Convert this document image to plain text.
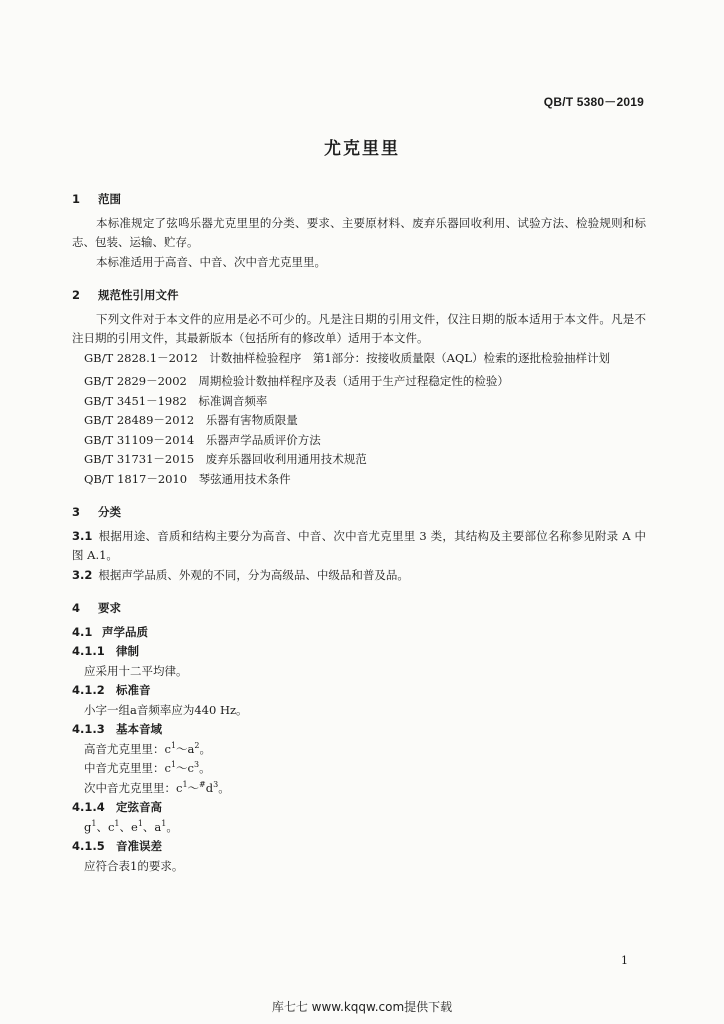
QB/T 5380－2019
尤克里里
1 范围

本标准规定了弦鸣乐器尤克里里的分类、要求、主要原材料、废弃乐器回收利用、试验方法、检验规则和标志、包装、运输、贮存。

本标准适用于高音、中音、次中音尤克里里。

2 规范性引用文件

下列文件对于本文件的应用是必不可少的。凡是注日期的引用文件，仅注日期的版本适用于本文件。凡是不注日期的引用文件，其最新版本（包括所有的修改单）适用于本文件。

GB/T 2828.1－2012　 计数抽样检验程序　第1部分：按接收质量限（AQL）检索的逐批检验抽样计划

GB/T 2829－2002　 周期检验计数抽样程序及表（适用于生产过程稳定性的检验）

GB/T 3451－1982　 标准调音频率

GB/T 28489－2012　 乐器有害物质限量

GB/T 31109－2014　 乐器声学品质评价方法

GB/T 31731－2015　 废弃乐器回收利用通用技术规范

QB/T 1817－2010　 琴弦通用技术条件

3 分类

3.1 根据用途、音质和结构主要分为高音、中音、次中音尤克里里 3 类，其结构及主要部位名称参见附录 A 中图 A.1。

3.2 根据声学品质、外观的不同，分为高级品、中级品和普及品。

4 要求
4.1 声学品质
4.1.1 律制

应采用十二平均律。

4.1.2 标准音

小字一组a音频率应为440 Hz。

4.1.3 基本音域

高音尤克里里：$c^1\sim a^2$。

中音尤克里里：$c^1\sim c^3$。

次中音尤克里里：$c^1\sim^{\#}d^3$。

4.1.4 定弦音高

$g^1$、$c^1$、$e^1$、$a^1$。

4.1.5 音准误差

应符合表1的要求。

1
库七七 www.kqqw.com提供下载
